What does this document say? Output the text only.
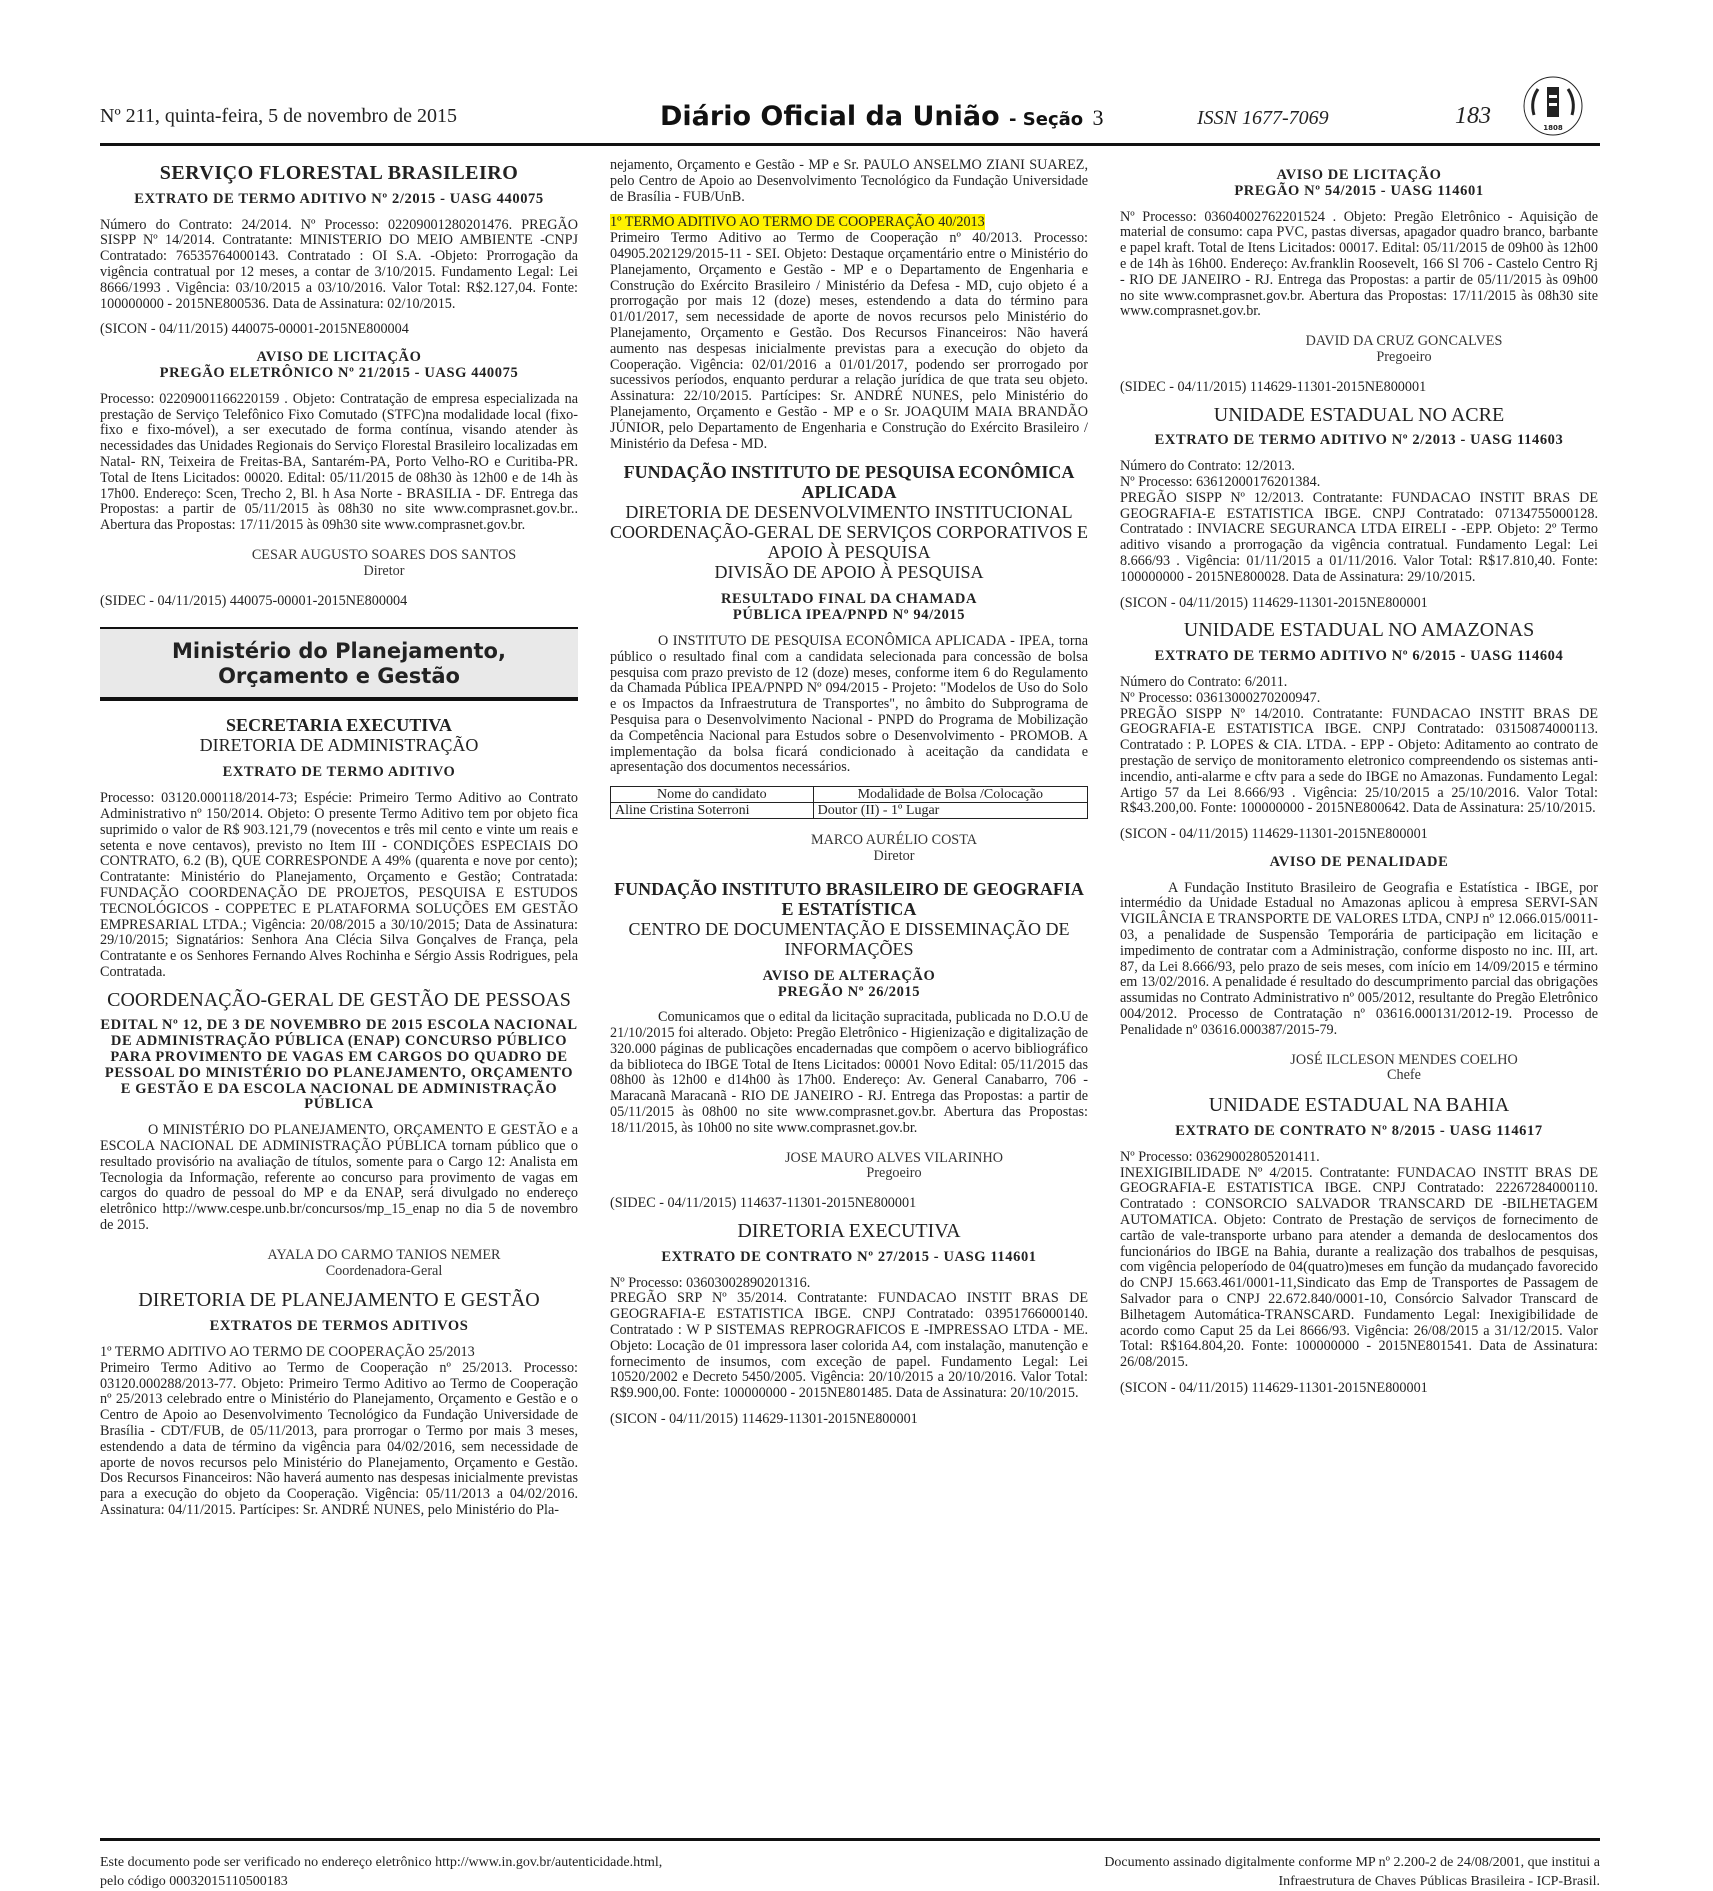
Nº 211, quinta-feira, 5 de novembro de 2015	Diário Oficial da União - Seção 3	ISSN 1677-7069	183	1808
SERVIÇO FLORESTAL BRASILEIRO
EXTRATO DE TERMO ADITIVO Nº 2/2015 - UASG 440075

Número do Contrato: 24/2014. Nº Processo: 02209001280201476. PREGÃO SISPP Nº 14/2014. Contratante: MINISTERIO DO MEIO AMBIENTE -CNPJ Contratado: 76535764000143. Contratado : OI S.A. -Objeto: Prorrogação da vigência contratual por 12 meses, a contar de 3/10/2015. Fundamento Legal: Lei 8666/1993 . Vigência: 03/10/2015 a 03/10/2016. Valor Total: R$2.127,04. Fonte: 100000000 - 2015NE800536. Data de Assinatura: 02/10/2015.

(SICON - 04/11/2015) 440075-00001-2015NE800004

AVISO DE LICITAÇÃO
PREGÃO ELETRÔNICO Nº 21/2015 - UASG 440075

Processo: 02209001166220159 . Objeto: Contratação de empresa especializada na prestação de Serviço Telefônico Fixo Comutado (STFC)na modalidade local (fixo-fixo e fixo-móvel), a ser executado de forma contínua, visando atender às necessidades das Unidades Regionais do Serviço Florestal Brasileiro localizadas em Natal- RN, Teixeira de Freitas-BA, Santarém-PA, Porto Velho-RO e Curitiba-PR. Total de Itens Licitados: 00020. Edital: 05/11/2015 de 08h30 às 12h00 e de 14h às 17h00. Endereço: Scen, Trecho 2, Bl. h Asa Norte - BRASILIA - DF. Entrega das Propostas: a partir de 05/11/2015 às 08h30 no site www.comprasnet.gov.br.. Abertura das Propostas: 17/11/2015 às 09h30 site www.comprasnet.gov.br.

CESAR AUGUSTO SOARES DOS SANTOS
Diretor

(SIDEC - 04/11/2015) 440075-00001-2015NE800004

Ministério do Planejamento,
Orçamento e Gestão
SECRETARIA EXECUTIVA
DIRETORIA DE ADMINISTRAÇÃO
EXTRATO DE TERMO ADITIVO

Processo: 03120.000118/2014-73; Espécie: Primeiro Termo Aditivo ao Contrato Administrativo nº 150/2014. Objeto: O presente Termo Aditivo tem por objeto fica suprimido o valor de R$ 903.121,79 (novecentos e três mil cento e vinte um reais e setenta e nove centavos), previsto no Item III - CONDIÇÕES ESPECIAIS DO CONTRATO, 6.2 (B), QUE CORRESPONDE A 49% (quarenta e nove por cento); Contratante: Ministério do Planejamento, Orçamento e Gestão; Contratada: FUNDAÇÃO COORDENAÇÃO DE PROJETOS, PESQUISA E ESTUDOS TECNOLÓGICOS - COPPETEC E PLATAFORMA SOLUÇÕES EM GESTÃO EMPRESARIAL LTDA.; Vigência: 20/08/2015 a 30/10/2015; Data de Assinatura: 29/10/2015; Signatários: Senhora Ana Clécia Silva Gonçalves de França, pela Contratante e os Senhores Fernando Alves Rochinha e Sérgio Assis Rodrigues, pela Contratada.

COORDENAÇÃO-GERAL DE GESTÃO DE PESSOAS
EDITAL Nº 12, DE 3 DE NOVEMBRO DE 2015 ESCOLA NACIONAL DE ADMINISTRAÇÃO PÚBLICA (ENAP) CONCURSO PÚBLICO PARA PROVIMENTO DE VAGAS EM CARGOS DO QUADRO DE PESSOAL DO MINISTÉRIO DO PLANEJAMENTO, ORÇAMENTO E GESTÃO E DA ESCOLA NACIONAL DE ADMINISTRAÇÃO PÚBLICA

O MINISTÉRIO DO PLANEJAMENTO, ORÇAMENTO E GESTÃO e a ESCOLA NACIONAL DE ADMINISTRAÇÃO PÚBLICA tornam público que o resultado provisório na avaliação de títulos, somente para o Cargo 12: Analista em Tecnologia da Informação, referente ao concurso para provimento de vagas em cargos do quadro de pessoal do MP e da ENAP, será divulgado no endereço eletrônico http://www.cespe.unb.br/concursos/mp_15_enap no dia 5 de novembro de 2015.

AYALA DO CARMO TANIOS NEMER
Coordenadora-Geral
DIRETORIA DE PLANEJAMENTO E GESTÃO
EXTRATOS DE TERMOS ADITIVOS
1º TERMO ADITIVO AO TERMO DE COOPERAÇÃO 25/2013

Primeiro Termo Aditivo ao Termo de Cooperação nº 25/2013. Processo: 03120.000288/2013-77. Objeto: Primeiro Termo Aditivo ao Termo de Cooperação nº 25/2013 celebrado entre o Ministério do Planejamento, Orçamento e Gestão e o Centro de Apoio ao Desenvolvimento Tecnológico da Fundação Universidade de Brasília - CDT/FUB, de 05/11/2013, para prorrogar o Termo por mais 3 meses, estendendo a data de término da vigência para 04/02/2016, sem necessidade de aporte de novos recursos pelo Ministério do Planejamento, Orçamento e Gestão. Dos Recursos Financeiros: Não haverá aumento nas despesas inicialmente previstas para a execução do objeto da Cooperação. Vigência: 05/11/2013 a 04/02/2016. Assinatura: 04/11/2015. Partícipes: Sr. ANDRÉ NUNES, pelo Ministério do Pla-

nejamento, Orçamento e Gestão - MP e Sr. PAULO ANSELMO ZIANI SUAREZ, pelo Centro de Apoio ao Desenvolvimento Tecnológico da Fundação Universidade de Brasília - FUB/UnB.

1º TERMO ADITIVO AO TERMO DE COOPERAÇÃO 40/2013

Primeiro Termo Aditivo ao Termo de Cooperação nº 40/2013. Processo: 04905.202129/2015-11 - SEI. Objeto: Destaque orçamentário entre o Ministério do Planejamento, Orçamento e Gestão - MP e o Departamento de Engenharia e Construção do Exército Brasileiro / Ministério da Defesa - MD, cujo objeto é a prorrogação por mais 12 (doze) meses, estendendo a data do término para 01/01/2017, sem necessidade de aporte de novos recursos pelo Ministério do Planejamento, Orçamento e Gestão. Dos Recursos Financeiros: Não haverá aumento nas despesas inicialmente previstas para a execução do objeto da Cooperação. Vigência: 02/01/2016 a 01/01/2017, podendo ser prorrogado por sucessivos períodos, enquanto perdurar a relação jurídica de que trata seu objeto. Assinatura: 22/10/2015. Partícipes: Sr. ANDRÉ NUNES, pelo Ministério do Planejamento, Orçamento e Gestão - MP e o Sr. JOAQUIM MAIA BRANDÃO JÚNIOR, pelo Departamento de Engenharia e Construção do Exército Brasileiro / Ministério da Defesa - MD.

FUNDAÇÃO INSTITUTO DE PESQUISA ECONÔMICA APLICADA
DIRETORIA DE DESENVOLVIMENTO INSTITUCIONAL
COORDENAÇÃO-GERAL DE SERVIÇOS CORPORATIVOS E APOIO À PESQUISA
DIVISÃO DE APOIO À PESQUISA
RESULTADO FINAL DA CHAMADA
PÚBLICA IPEA/PNPD Nº 94/2015

O INSTITUTO DE PESQUISA ECONÔMICA APLICADA - IPEA, torna público o resultado final com a candidata selecionada para concessão de bolsa pesquisa com prazo previsto de 12 (doze) meses, conforme item 6 do Regulamento da Chamada Pública IPEA/PNPD Nº 094/2015 - Projeto: "Modelos de Uso do Solo e os Impactos da Infraestrutura de Transportes", no âmbito do Subprograma de Pesquisa para o Desenvolvimento Nacional - PNPD do Programa de Mobilização da Competência Nacional para Estudos sobre o Desenvolvimento - PROMOB. A implementação da bolsa ficará condicionado à aceitação da candidata e apresentação dos documentos necessários.

Nome do candidato	Modalidade de Bolsa /Colocação
Aline Cristina Soterroni	Doutor (II) - 1º Lugar
MARCO AURÉLIO COSTA
Diretor
FUNDAÇÃO INSTITUTO BRASILEIRO DE GEOGRAFIA E ESTATÍSTICA
CENTRO DE DOCUMENTAÇÃO E DISSEMINAÇÃO DE INFORMAÇÕES
AVISO DE ALTERAÇÃO
PREGÃO Nº 26/2015

Comunicamos que o edital da licitação supracitada, publicada no D.O.U de 21/10/2015 foi alterado. Objeto: Pregão Eletrônico - Higienização e digitalização de 320.000 páginas de publicações encadernadas que compõem o acervo bibliográfico da biblioteca do IBGE Total de Itens Licitados: 00001 Novo Edital: 05/11/2015 das 08h00 às 12h00 e d14h00 às 17h00. Endereço: Av. General Canabarro, 706 - Maracanã Maracanã - RIO DE JANEIRO - RJ. Entrega das Propostas: a partir de 05/11/2015 às 08h00 no site www.comprasnet.gov.br. Abertura das Propostas: 18/11/2015, às 10h00 no site www.comprasnet.gov.br.

JOSE MAURO ALVES VILARINHO
Pregoeiro

(SIDEC - 04/11/2015) 114637-11301-2015NE800001

DIRETORIA EXECUTIVA
EXTRATO DE CONTRATO Nº 27/2015 - UASG 114601
Nº Processo: 03603002890201316.

PREGÃO SRP Nº 35/2014. Contratante: FUNDACAO INSTIT BRAS DE GEOGRAFIA-E ESTATISTICA IBGE. CNPJ Contratado: 03951766000140. Contratado : W P SISTEMAS REPROGRAFICOS E -IMPRESSAO LTDA - ME. Objeto: Locação de 01 impressora laser colorida A4, com instalação, manutenção e fornecimento de insumos, com exceção de papel. Fundamento Legal: Lei 10520/2002 e Decreto 5450/2005. Vigência: 20/10/2015 a 20/10/2016. Valor Total: R$9.900,00. Fonte: 100000000 - 2015NE801485. Data de Assinatura: 20/10/2015.

(SICON - 04/11/2015) 114629-11301-2015NE800001

AVISO DE LICITAÇÃO
PREGÃO Nº 54/2015 - UASG 114601

Nº Processo: 03604002762201524 . Objeto: Pregão Eletrônico - Aquisição de material de consumo: capa PVC, pastas diversas, apagador quadro branco, barbante e papel kraft. Total de Itens Licitados: 00017. Edital: 05/11/2015 de 09h00 às 12h00 e de 14h às 16h00. Endereço: Av.franklin Roosevelt, 166 Sl 706 - Castelo Centro Rj - RIO DE JANEIRO - RJ. Entrega das Propostas: a partir de 05/11/2015 às 09h00 no site www.comprasnet.gov.br. Abertura das Propostas: 17/11/2015 às 08h30 site www.comprasnet.gov.br.

DAVID DA CRUZ GONCALVES
Pregoeiro

(SIDEC - 04/11/2015) 114629-11301-2015NE800001

UNIDADE ESTADUAL NO ACRE
EXTRATO DE TERMO ADITIVO Nº 2/2013 - UASG 114603
Número do Contrato: 12/2013.
Nº Processo: 63612000176201384.

PREGÃO SISPP Nº 12/2013. Contratante: FUNDACAO INSTIT BRAS DE GEOGRAFIA-E ESTATISTICA IBGE. CNPJ Contratado: 07134755000128. Contratado : INVIACRE SEGURANCA LTDA EIRELI - -EPP. Objeto: 2º Termo aditivo visando a prorrogação da vigência contratual. Fundamento Legal: Lei 8.666/93 . Vigência: 01/11/2015 a 01/11/2016. Valor Total: R$17.810,40. Fonte: 100000000 - 2015NE800028. Data de Assinatura: 29/10/2015.

(SICON - 04/11/2015) 114629-11301-2015NE800001

UNIDADE ESTADUAL NO AMAZONAS
EXTRATO DE TERMO ADITIVO Nº 6/2015 - UASG 114604
Número do Contrato: 6/2011.
Nº Processo: 03613000270200947.

PREGÃO SISPP Nº 14/2010. Contratante: FUNDACAO INSTIT BRAS DE GEOGRAFIA-E ESTATISTICA IBGE. CNPJ Contratado: 03150874000113. Contratado : P. LOPES & CIA. LTDA. - EPP - Objeto: Aditamento ao contrato de prestação de serviço de monitoramento eletronico compreendendo os sistemas anti-incendio, anti-alarme e cftv para a sede do IBGE no Amazonas. Fundamento Legal: Artigo 57 da Lei 8.666/93 . Vigência: 25/10/2015 a 25/10/2016. Valor Total: R$43.200,00. Fonte: 100000000 - 2015NE800642. Data de Assinatura: 25/10/2015.

(SICON - 04/11/2015) 114629-11301-2015NE800001

AVISO DE PENALIDADE

A Fundação Instituto Brasileiro de Geografia e Estatística - IBGE, por intermédio da Unidade Estadual no Amazonas aplicou à empresa SERVI-SAN VIGILÂNCIA E TRANSPORTE DE VALORES LTDA, CNPJ nº 12.066.015/0011-03, a penalidade de Suspensão Temporária de participação em licitação e impedimento de contratar com a Administração, conforme disposto no inc. III, art. 87, da Lei 8.666/93, pelo prazo de seis meses, com início em 14/09/2015 e término em 13/02/2016. A penalidade é resultado do descumprimento parcial das obrigações assumidas no Contrato Administrativo nº 005/2012, resultante do Pregão Eletrônico 004/2012. Processo de Contratação nº 03616.000131/2012-19. Processo de Penalidade nº 03616.000387/2015-79.

JOSÉ ILCLESON MENDES COELHO
Chefe
UNIDADE ESTADUAL NA BAHIA
EXTRATO DE CONTRATO Nº 8/2015 - UASG 114617
Nº Processo: 03629002805201411.

INEXIGIBILIDADE Nº 4/2015. Contratante: FUNDACAO INSTIT BRAS DE GEOGRAFIA-E ESTATISTICA IBGE. CNPJ Contratado: 22267284000110. Contratado : CONSORCIO SALVADOR TRANSCARD DE -BILHETAGEM AUTOMATICA. Objeto: Contrato de Prestação de serviços de fornecimento de cartão de vale-transporte urbano para atender a demanda de deslocamentos dos funcionários do IBGE na Bahia, durante a realização dos trabalhos de pesquisas, com vigência peloperíodo de 04(quatro)meses em função da mudançado favorecido do CNPJ 15.663.461/0001-11,Sindicato das Emp de Transportes de Passagem de Salvador para o CNPJ 22.672.840/0001-10, Consórcio Salvador Transcard de Bilhetagem Automática-TRANSCARD. Fundamento Legal: Inexigibilidade de acordo como Caput 25 da Lei 8666/93. Vigência: 26/08/2015 a 31/12/2015. Valor Total: R$164.804,20. Fonte: 100000000 - 2015NE801541. Data de Assinatura: 26/08/2015.

(SICON - 04/11/2015) 114629-11301-2015NE800001

Este documento pode ser verificado no endereço eletrônico http://www.in.gov.br/autenticidade.html,
pelo código 00032015110500183
Documento assinado digitalmente conforme MP nº 2.200-2 de 24/08/2001, que institui a
Infraestrutura de Chaves Públicas Brasileira - ICP-Brasil.
